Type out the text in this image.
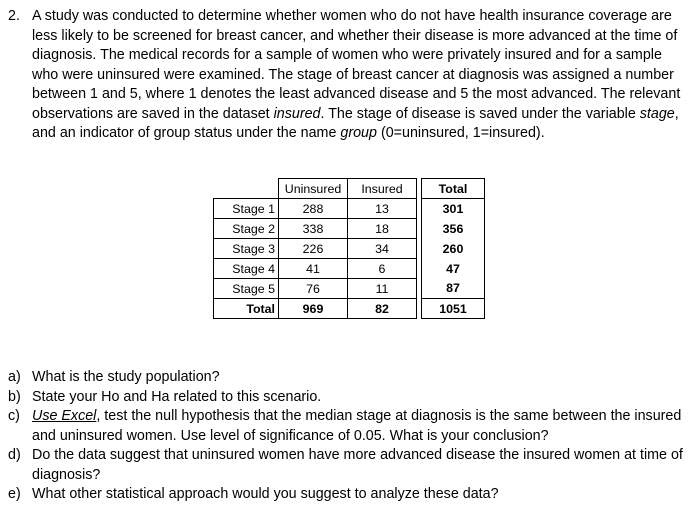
2. A study was conducted to determine whether women who do not have health insurance coverage are less likely to be screened for breast cancer, and whether their disease is more advanced at the time of diagnosis. The medical records for a sample of women who were privately insured and for a sample who were uninsured were examined. The stage of breast cancer at diagnosis was assigned a number between 1 and 5, where 1 denotes the least advanced disease and 5 the most advanced. The relevant observations are saved in the dataset insured. The stage of disease is saved under the variable stage, and an indicator of group status under the name group (0=uninsured, 1=insured).
	Uninsured	Insured		Total
Stage 1	288	13		301
Stage 2	338	18		356
Stage 3	226	34		260
Stage 4	41	6		47
Stage 5	76	11		87
Total	969	82		1051
a) What is the study population?
b) State your Ho and Ha related to this scenario.
c) Use Excel, test the null hypothesis that the median stage at diagnosis is the same between the insured and uninsured women. Use level of significance of 0.05. What is your conclusion?
d) Do the data suggest that uninsured women have more advanced disease the insured women at time of diagnosis?
e) What other statistical approach would you suggest to analyze these data?
